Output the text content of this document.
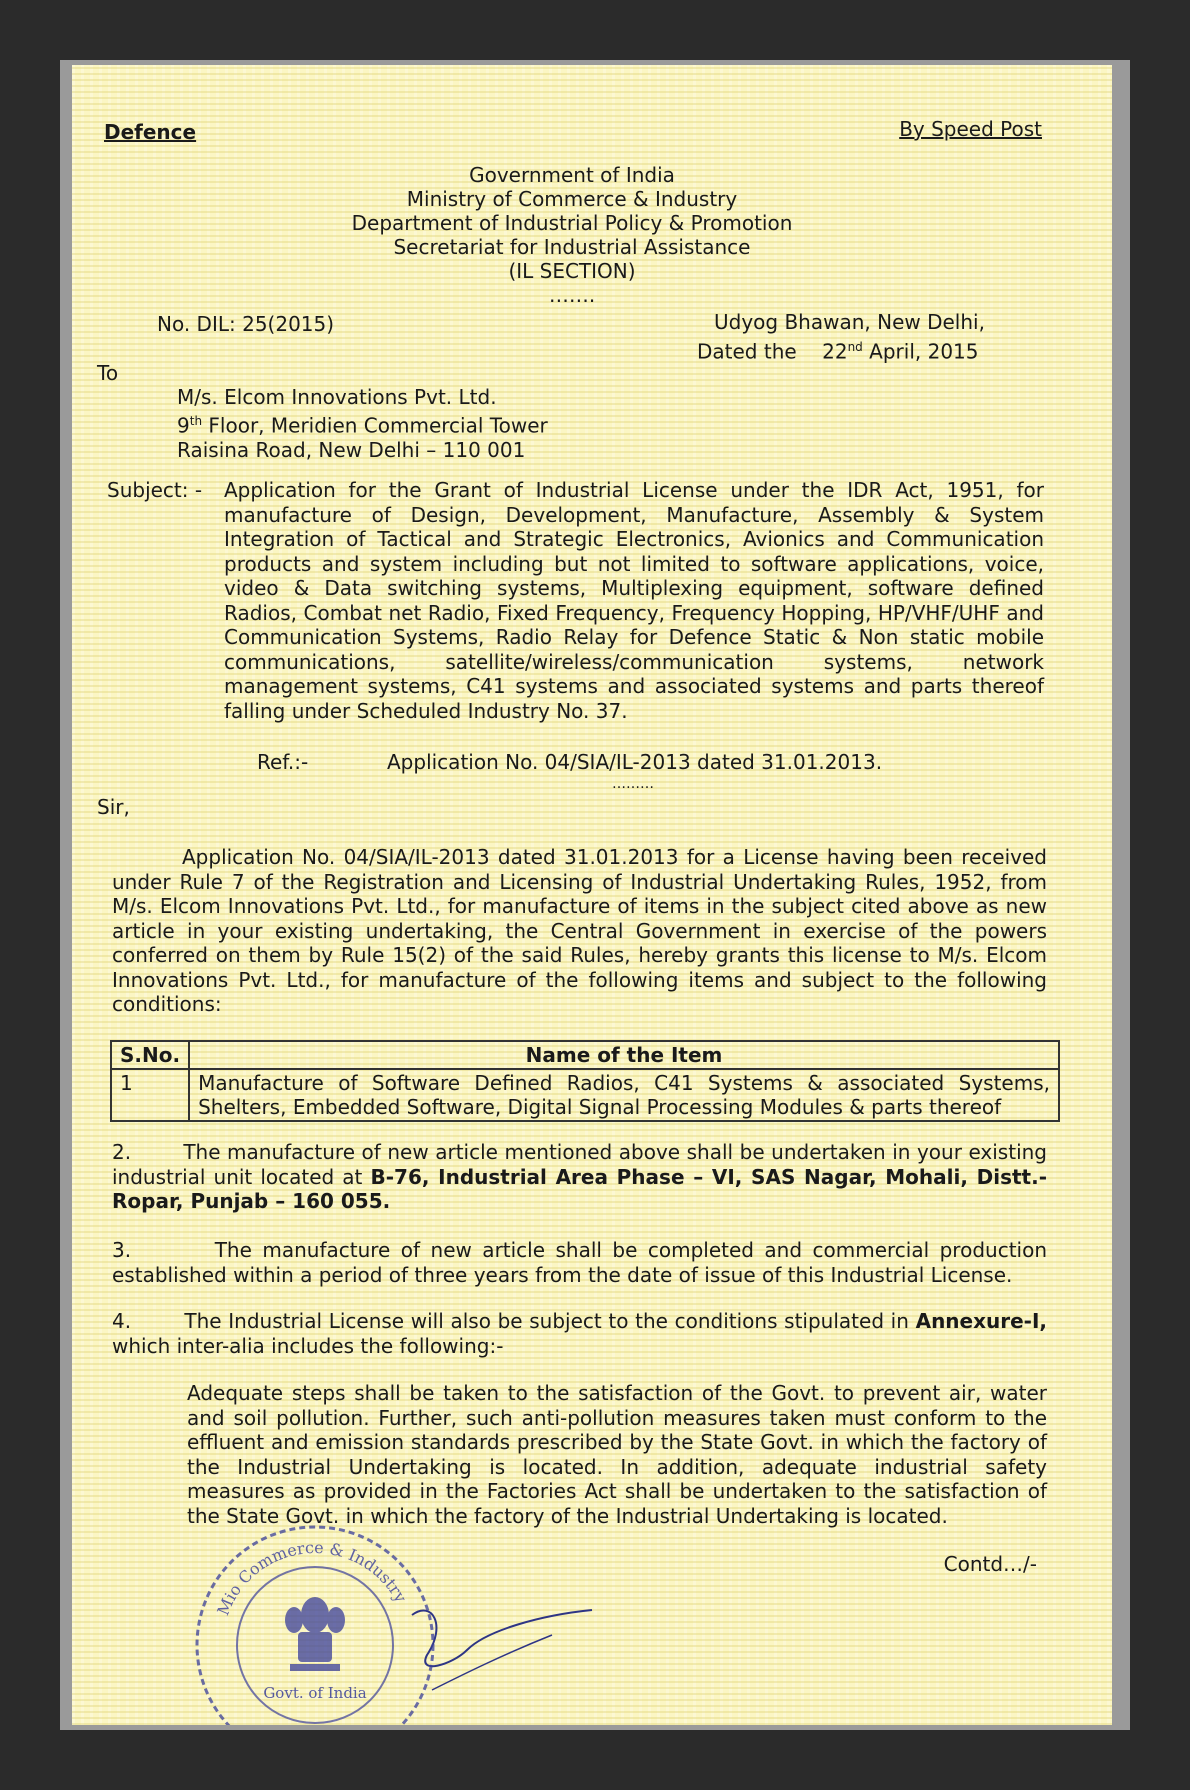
Defence	By Speed Post
Government of India
Ministry of Commerce & Industry
Department of Industrial Policy & Promotion
Secretariat for Industrial Assistance
(IL SECTION)
…….
No. DIL: 25(2015)	Udyog Bhawan, New Delhi,
Dated the 22nd April, 2015
To
M/s. Elcom Innovations Pvt. Ltd.
9th Floor, Meridien Commercial Tower
Raisina Road, New Delhi – 110 001
Subject: - Application for the Grant of Industrial License under the IDR Act, 1951, for manufacture of Design, Development, Manufacture, Assembly & System Integration of Tactical and Strategic Electronics, Avionics and Communication products and system including but not limited to software applications, voice, video & Data switching systems, Multiplexing equipment, software defined Radios, Combat net Radio, Fixed Frequency, Frequency Hopping, HP/VHF/UHF and Communication Systems, Radio Relay for Defence Static & Non static mobile communications, satellite/wireless/communication systems, network management systems, C41 systems and associated systems and parts thereof falling under Scheduled Industry No. 37.
Ref.:-	Application No. 04/SIA/IL-2013 dated 31.01.2013.
………
Sir,
Application No. 04/SIA/IL-2013 dated 31.01.2013 for a License having been received under Rule 7 of the Registration and Licensing of Industrial Undertaking Rules, 1952, from M/s. Elcom Innovations Pvt. Ltd., for manufacture of items in the subject cited above as new article in your existing undertaking, the Central Government in exercise of the powers conferred on them by Rule 15(2) of the said Rules, hereby grants this license to M/s. Elcom Innovations Pvt. Ltd., for manufacture of the following items and subject to the following conditions:
S.No.	Name of the Item
1	Manufacture of Software Defined Radios, C41 Systems & associated Systems, Shelters, Embedded Software, Digital Signal Processing Modules & parts thereof
2.	The manufacture of new article mentioned above shall be undertaken in your existing industrial unit located at B-76, Industrial Area Phase – VI, SAS Nagar, Mohali, Distt.-Ropar, Punjab – 160 055.
3.	The manufacture of new article shall be completed and commercial production established within a period of three years from the date of issue of this Industrial License.
4.	The Industrial License will also be subject to the conditions stipulated in Annexure-I, which inter-alia includes the following:-
Adequate steps shall be taken to the satisfaction of the Govt. to prevent air, water and soil pollution. Further, such anti-pollution measures taken must conform to the effluent and emission standards prescribed by the State Govt. in which the factory of the Industrial Undertaking is located. In addition, adequate industrial safety measures as provided in the Factories Act shall be undertaken to the satisfaction of the State Govt. in which the factory of the Industrial Undertaking is located.
Contd…/-
Mio Commerce & Industry
Govt. of India
